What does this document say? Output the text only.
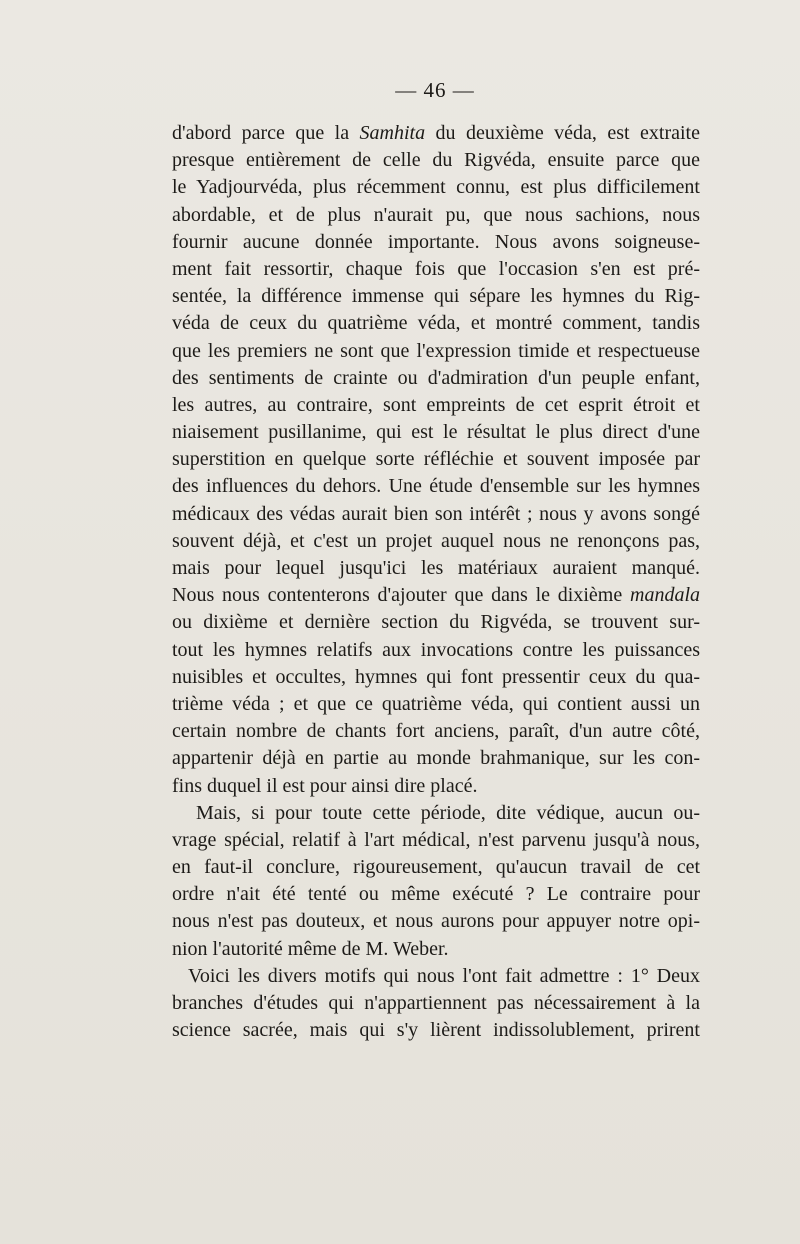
— 46 —
d'abord parce que la Samhita du deuxième véda, est extraite
presque entièrement de celle du Rigvéda, ensuite parce que
le Yadjourvéda, plus récemment connu, est plus difficilement
abordable, et de plus n'aurait pu, que nous sachions, nous
fournir aucune donnée importante. Nous avons soigneuse-
ment fait ressortir, chaque fois que l'occasion s'en est pré-
sentée, la différence immense qui sépare les hymnes du Rig-
véda de ceux du quatrième véda, et montré comment, tandis
que les premiers ne sont que l'expression timide et respectueuse
des sentiments de crainte ou d'admiration d'un peuple enfant,
les autres, au contraire, sont empreints de cet esprit étroit et
niaisement pusillanime, qui est le résultat le plus direct d'une
superstition en quelque sorte réfléchie et souvent imposée par
des influences du dehors. Une étude d'ensemble sur les hymnes
médicaux des védas aurait bien son intérêt ; nous y avons songé
souvent déjà, et c'est un projet auquel nous ne renonçons pas,
mais pour lequel jusqu'ici les matériaux auraient manqué.
Nous nous contenterons d'ajouter que dans le dixième mandala
ou dixième et dernière section du Rigvéda, se trouvent sur-
tout les hymnes relatifs aux invocations contre les puissances
nuisibles et occultes, hymnes qui font pressentir ceux du qua-
trième véda ; et que ce quatrième véda, qui contient aussi un
certain nombre de chants fort anciens, paraît, d'un autre côté,
appartenir déjà en partie au monde brahmanique, sur les con-
fins duquel il est pour ainsi dire placé.
Mais, si pour toute cette période, dite védique, aucun ou-
vrage spécial, relatif à l'art médical, n'est parvenu jusqu'à nous,
en faut-il conclure, rigoureusement, qu'aucun travail de cet
ordre n'ait été tenté ou même exécuté ? Le contraire pour
nous n'est pas douteux, et nous aurons pour appuyer notre opi-
nion l'autorité même de M. Weber.
Voici les divers motifs qui nous l'ont fait admettre : 1° Deux
branches d'études qui n'appartiennent pas nécessairement à la
science sacrée, mais qui s'y lièrent indissolublement, prirent
